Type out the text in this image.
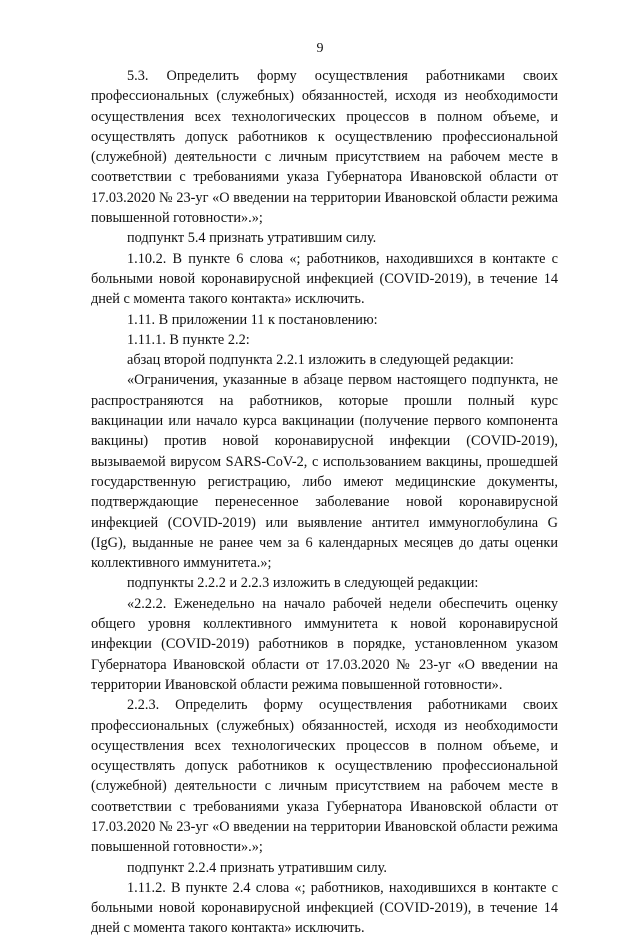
9

5.3. Определить форму осуществления работниками своих профессиональных (служебных) обязанностей, исходя из необходимости осуществления всех технологических процессов в полном объеме, и осуществлять допуск работников к осуществлению профессиональной (служебной) деятельности с личным присутствием на рабочем месте в соответствии с требованиями указа Губернатора Ивановской области от 17.03.2020 № 23-уг «О введении на территории Ивановской области режима повышенной готовности».»;

подпункт 5.4 признать утратившим силу.

1.10.2. В пункте 6 слова «; работников, находившихся в контакте с больными новой коронавирусной инфекцией (COVID-2019), в течение 14 дней с момента такого контакта» исключить.

1.11. В приложении 11 к постановлению:

1.11.1. В пункте 2.2:

абзац второй подпункта 2.2.1 изложить в следующей редакции:

«Ограничения, указанные в абзаце первом настоящего подпункта, не распространяются на работников, которые прошли полный курс вакцинации или начало курса вакцинации (получение первого компонента вакцины) против новой коронавирусной инфекции (COVID-2019), вызываемой вирусом SARS-CoV-2, с использованием вакцины, прошедшей государственную регистрацию, либо имеют медицинские документы, подтверждающие перенесенное заболевание новой коронавирусной инфекцией (COVID-2019) или выявление антител иммуноглобулина G (IgG), выданные не ранее чем за 6 календарных месяцев до даты оценки коллективного иммунитета.»;

подпункты 2.2.2 и 2.2.3 изложить в следующей редакции:

«2.2.2. Еженедельно на начало рабочей недели обеспечить оценку общего уровня коллективного иммунитета к новой коронавирусной инфекции (COVID-2019) работников в порядке, установленном указом Губернатора Ивановской области от 17.03.2020 № 23-уг «О введении на территории Ивановской области режима повышенной готовности».

2.2.3. Определить форму осуществления работниками своих профессиональных (служебных) обязанностей, исходя из необходимости осуществления всех технологических процессов в полном объеме, и осуществлять допуск работников к осуществлению профессиональной (служебной) деятельности с личным присутствием на рабочем месте в соответствии с требованиями указа Губернатора Ивановской области от 17.03.2020 № 23-уг «О введении на территории Ивановской области режима повышенной готовности».»;

подпункт 2.2.4 признать утратившим силу.

1.11.2. В пункте 2.4 слова «; работников, находившихся в контакте с больными новой коронавирусной инфекцией (COVID-2019), в течение 14 дней с момента такого контакта» исключить.
